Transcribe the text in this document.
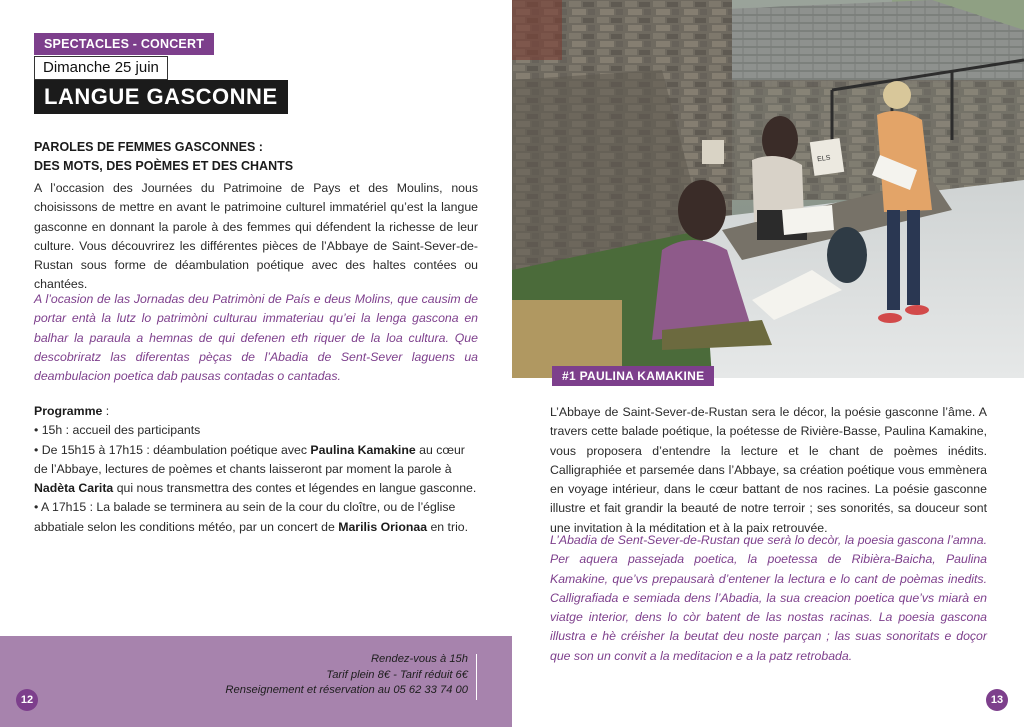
SPECTACLES - CONCERT
Dimanche 25 juin
LANGUE GASCONNE
PAROLES DE FEMMES GASCONNES :
DES MOTS, DES POÈMES ET DES CHANTS
A l’occasion des Journées du Patrimoine de Pays et des Moulins, nous choisissons de mettre en avant le patrimoine culturel immatériel qu’est la langue gasconne en donnant la parole à des femmes qui défendent la richesse de leur culture. Vous découvrirez les différentes pièces de l’Abbaye de Saint-Sever-de-Rustan sous forme de déambulation poétique avec des haltes contées ou chantées.
A l’ocasion de las Jornadas deu Patrimòni de País e deus Molins, que causim de portar entà la lutz lo patrimòni culturau immateriau qu’ei la lenga gascona en balhar la paraula a hemnas de qui defenen eth riquer de la loa cultura. Que descobriratz las diferentas pèças de l’Abadia de Sent-Sever laguens ua deambulacion poetica dab pausas contadas o cantadas.

Programme :

• 15h : accueil des participants

• De 15h15 à 17h15 : déambulation poétique avec Paulina Kamakine au cœur de l’Abbaye, lectures de poèmes et chants laisseront par moment la parole à Nadèta Carita qui nous transmettra des contes et légendes en langue gasconne.

• A 17h15 : La balade se terminera au sein de la cour du cloître, ou de l’église abbatiale selon les conditions météo, par un concert de Marilis Orionaa en trio.

Rendez-vous à 15h
Tarif plein 8€ - Tarif réduit 6€
Renseignement et réservation au 05 62 33 74 00
12
ELS
#1 PAULINA KAMAKINE
L’Abbaye de Saint-Sever-de-Rustan sera le décor, la poésie gasconne l’âme. A travers cette balade poétique, la poétesse de Rivière-Basse, Paulina Kamakine, vous proposera d’entendre la lecture et le chant de poèmes inédits. Calligraphiée et parsemée dans l’Abbaye, sa création poétique vous emmènera en voyage intérieur, dans le cœur battant de nos racines. La poésie gasconne illustre et fait grandir la beauté de notre terroir ; ses sonorités, sa douceur sont une invitation à la méditation et à la paix retrouvée.
L’Abadia de Sent-Sever-de-Rustan que serà lo decòr, la poesia gascona l’amna. Per aquera passejada poetica, la poetessa de Ribièra-Baicha, Paulina Kamakine, que’vs prepausarà d’entener la lectura e lo cant de poèmas inedits. Calligrafiada e semiada dens l’Abadia, la sua creacion poetica que’vs miarà en viatge interior, dens lo còr batent de las nostas racinas. La poesia gascona illustra e hè créisher la beutat deu noste parçan ; las suas sonoritats e doçor que son un convit a la meditacion e a la patz retrobada.
13
